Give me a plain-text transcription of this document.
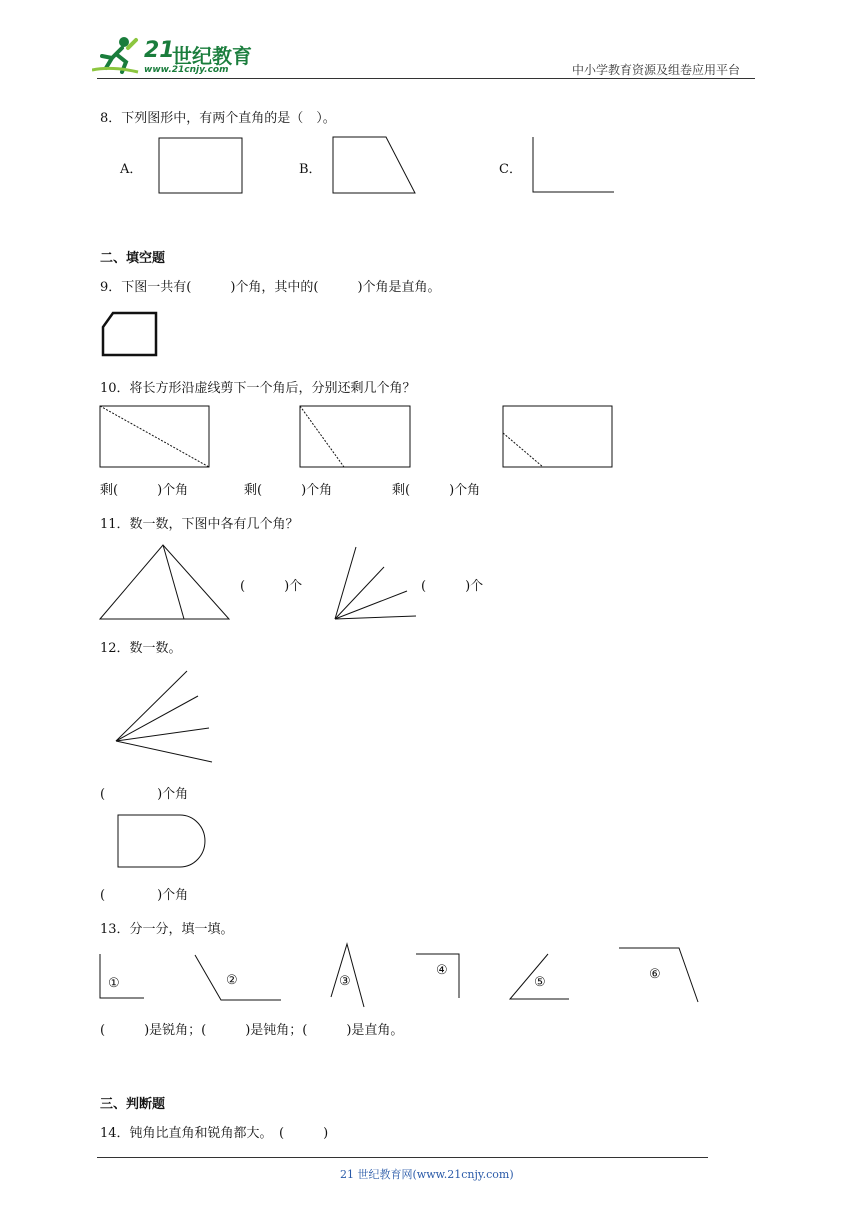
21
世纪教育
www.21cnjy.com	中小学教育资源及组卷应用平台
8．下列图形中，有两个直角的是（　）。
A．	B．	C．
二、填空题
9．下图一共有(　　　)个角，其中的(　　　)个角是直角。
10．将长方形沿虚线剪下一个角后，分别还剩几个角？
剩(　　　)个角	剩(　　　)个角	剩(　　　)个角
11．数一数，下图中各有几个角？
(　　　)个	(　　　)个
12．数一数。
(　　　　)个角
(　　　　)个角
13．分一分，填一填。
①	②	③
④
⑤
⑥
(　　　)是锐角；(　　　)是钝角；(　　　)是直角。
三、判断题
14．钝角比直角和锐角都大。　(　　　)
21 世纪教育网(www.21cnjy.com)
